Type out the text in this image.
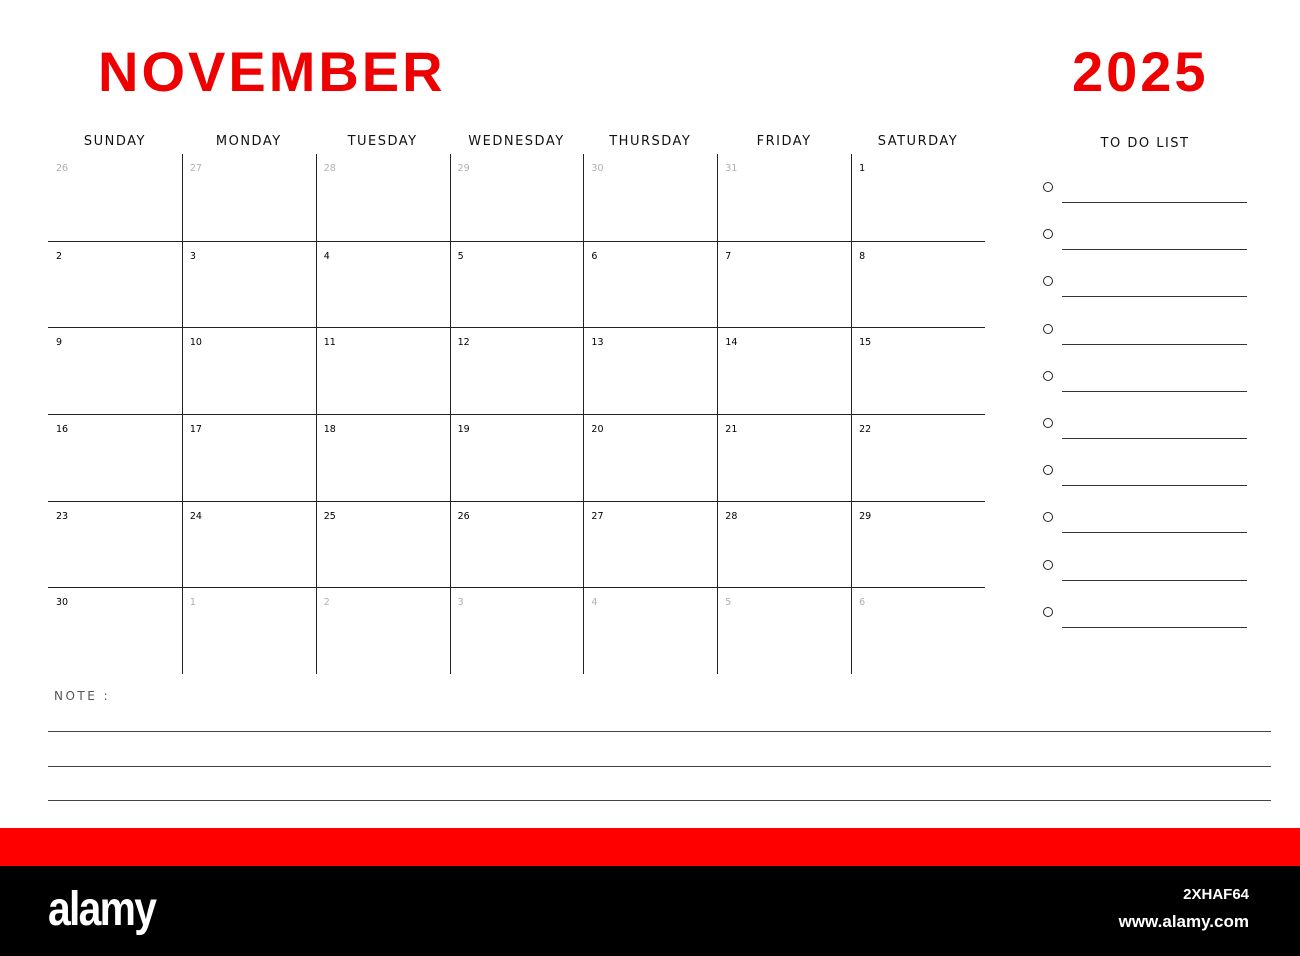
NOVEMBER	2025
SUNDAY	MONDAY	TUESDAY	WEDNESDAY	THURSDAY	FRIDAY	SATURDAY
26	27	28	29	30	31	1
2	3	4	5	6	7	8
9	10	11	12	13	14	15
16	17	18	19	20	21	22
23	24	25	26	27	28	29
30	1	2	3	4	5	6
TO DO LIST
NOTE :
alamy	2XHAF64
www.alamy.com
